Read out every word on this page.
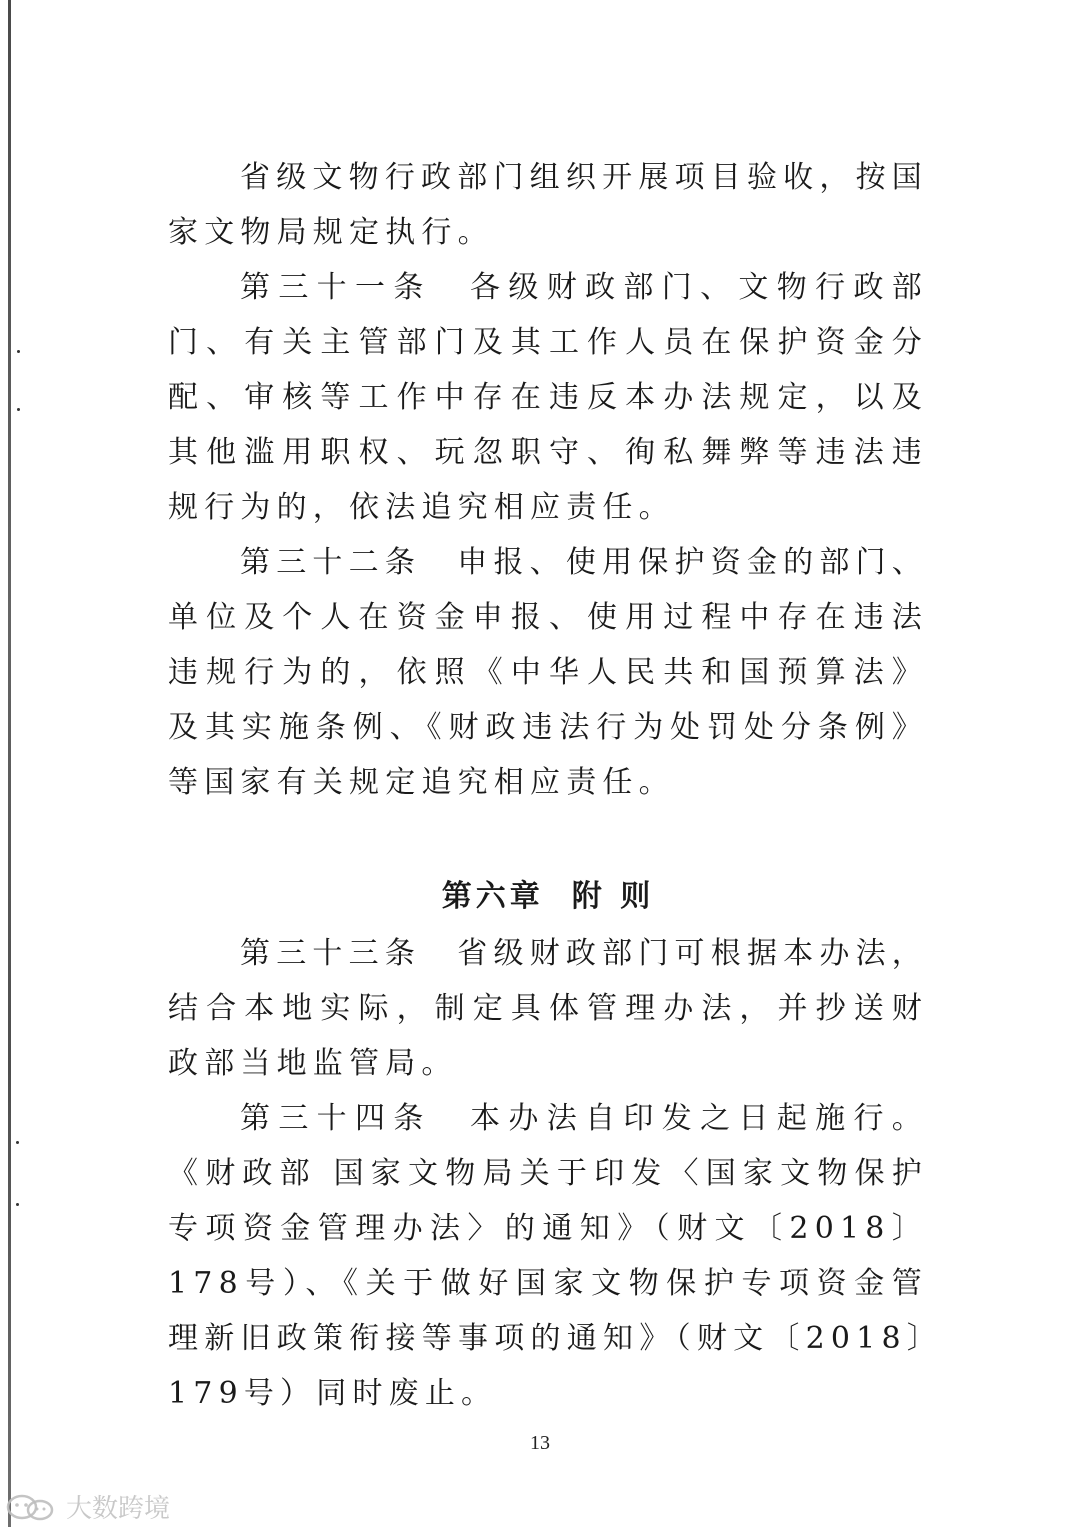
省级文物行政部门组织开展项目验收，按国家文物局规定执行。

第三十一条　各级财政部门、文物行政部门、有关主管部门及其工作人员在保护资金分配、审核等工作中存在违反本办法规定，以及其他滥用职权、玩忽职守、徇私舞弊等违法违规行为的，依法追究相应责任。

第三十二条　申报、使用保护资金的部门、单位及个人在资金申报、使用过程中存在违法违规行为的，依照《中华人民共和国预算法》及其实施条例、《财政违法行为处罚处分条例》等国家有关规定追究相应责任。

第六章 附 则

第三十三条　省级财政部门可根据本办法，结合本地实际，制定具体管理办法，并抄送财政部当地监管局。

第三十四条　本办法自印发之日起施行。《财政部 国家文物局关于印发〈国家文物保护专项资金管理办法〉的通知》（财文〔2018〕178号）、《关于做好国家文物保护专项资金管理新旧政策衔接等事项的通知》（财文〔2018〕179号）同时废止。

13
大数跨境
